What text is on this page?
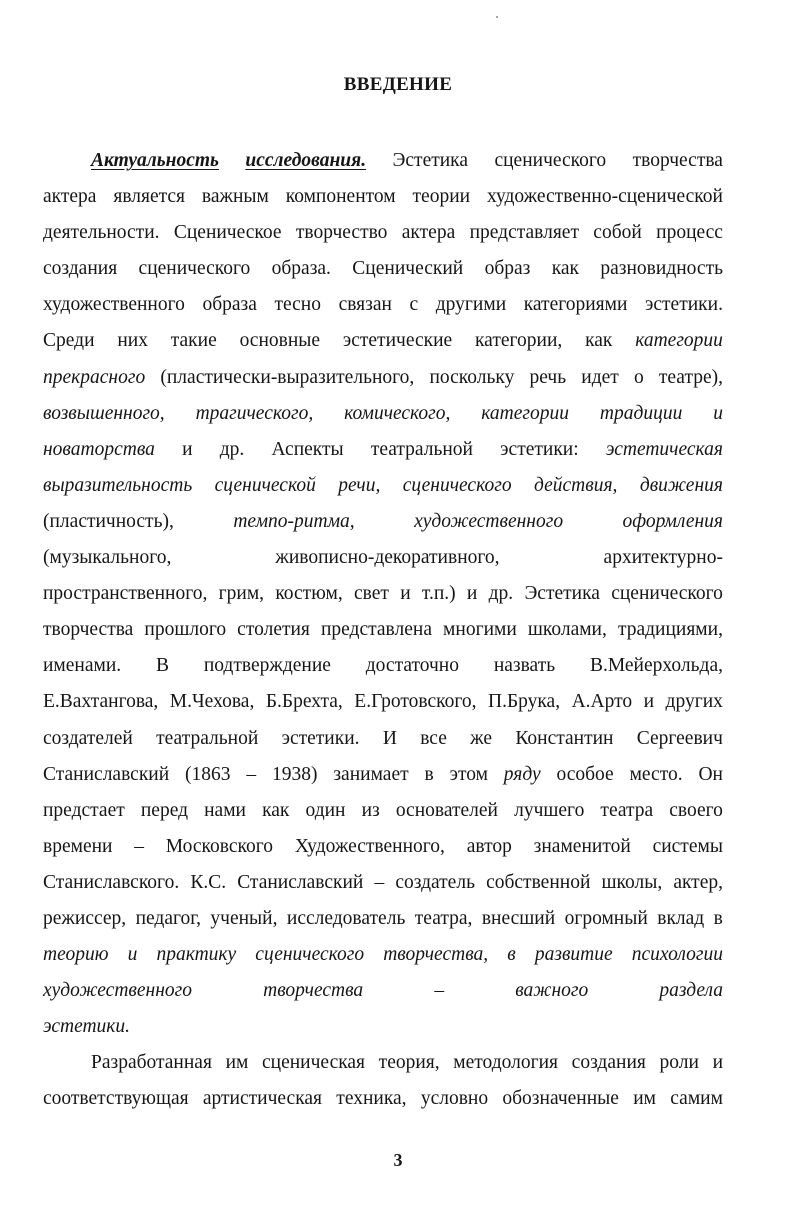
ВВЕДЕНИЕ
Актуальность исследования. Эстетика сценического творчества
актера является важным компонентом теории художественно-сценической
деятельности. Сценическое творчество актера представляет собой процесс
создания сценического образа. Сценический образ как разновидность
художественного образа тесно связан с другими категориями эстетики.
Среди них такие основные эстетические категории, как категории
прекрасного (пластически-выразительного, поскольку речь идет о театре),
возвышенного, трагического, комического, категории традиции и
новаторства и др. Аспекты театральной эстетики: эстетическая
выразительность сценической речи, сценического действия, движения
(пластичность),	темпо-ритма,	художественного	оформления
(музыкального,	живописно-декоративного,	архитектурно-
пространственного, грим, костюм, свет и т.п.) и др. Эстетика сценического
творчества прошлого столетия представлена многими школами, традициями,
именами. В подтверждение достаточно назвать В.Мейерхольда,
Е.Вахтангова, М.Чехова, Б.Брехта, Е.Гротовского, П.Брука, А.Арто и других
создателей театральной эстетики. И все же Константин Сергеевич
Станиславский (1863 – 1938) занимает в этом ряду особое место. Он
предстает перед нами как один из основателей лучшего театра своего
времени – Московского Художественного, автор знаменитой системы
Станиславского. К.С. Станиславский – создатель собственной школы, актер,
режиссер, педагог, ученый, исследователь театра, внесший огромный вклад в
теорию и практику сценического творчества, в развитие психологии
художественного	творчества	–	важного	раздела
эстетики.
Разработанная им сценическая теория, методология создания роли и
соответствующая артистическая техника, условно обозначенные им самим
3
